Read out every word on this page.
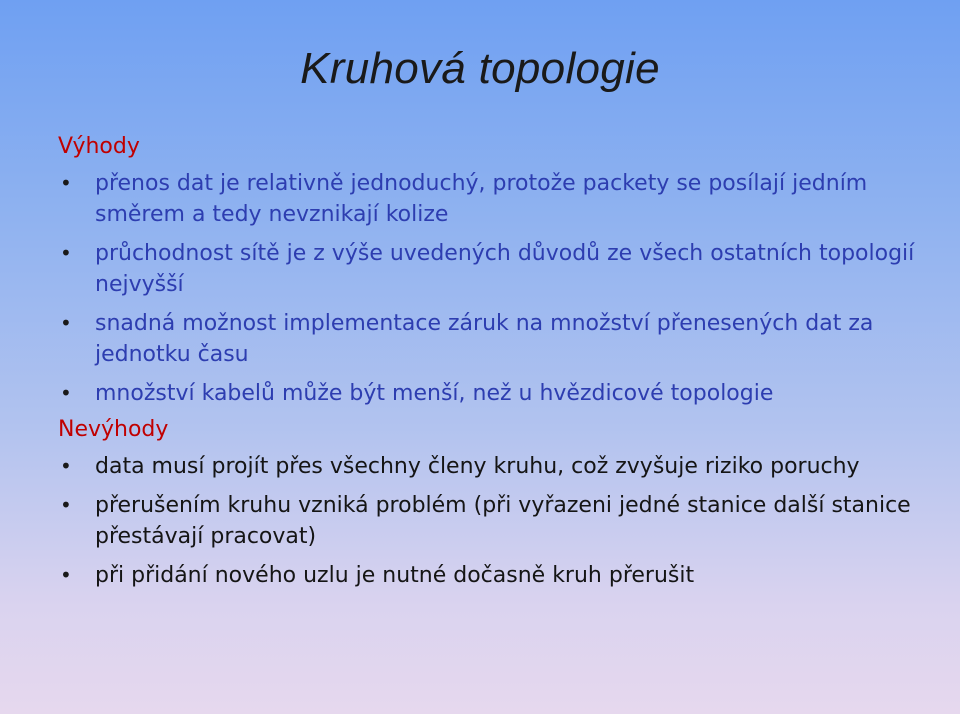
Kruhová topologie
Výhody
• přenos dat je relativně jednoduchý, protože packety se posílají jedním směrem a tedy nevznikají kolize
• průchodnost sítě je z výše uvedených důvodů ze všech ostatních topologií nejvyšší
• snadná možnost implementace záruk na množství přenesených dat za jednotku času
• množství kabelů může být menší, než u hvězdicové topologie
Nevýhody
• data musí projít přes všechny členy kruhu, což zvyšuje riziko poruchy
• přerušením kruhu vzniká problém (při vyřazeni jedné stanice další stanice přestávají pracovat)
• při přidání nového uzlu je nutné dočasně kruh přerušit
